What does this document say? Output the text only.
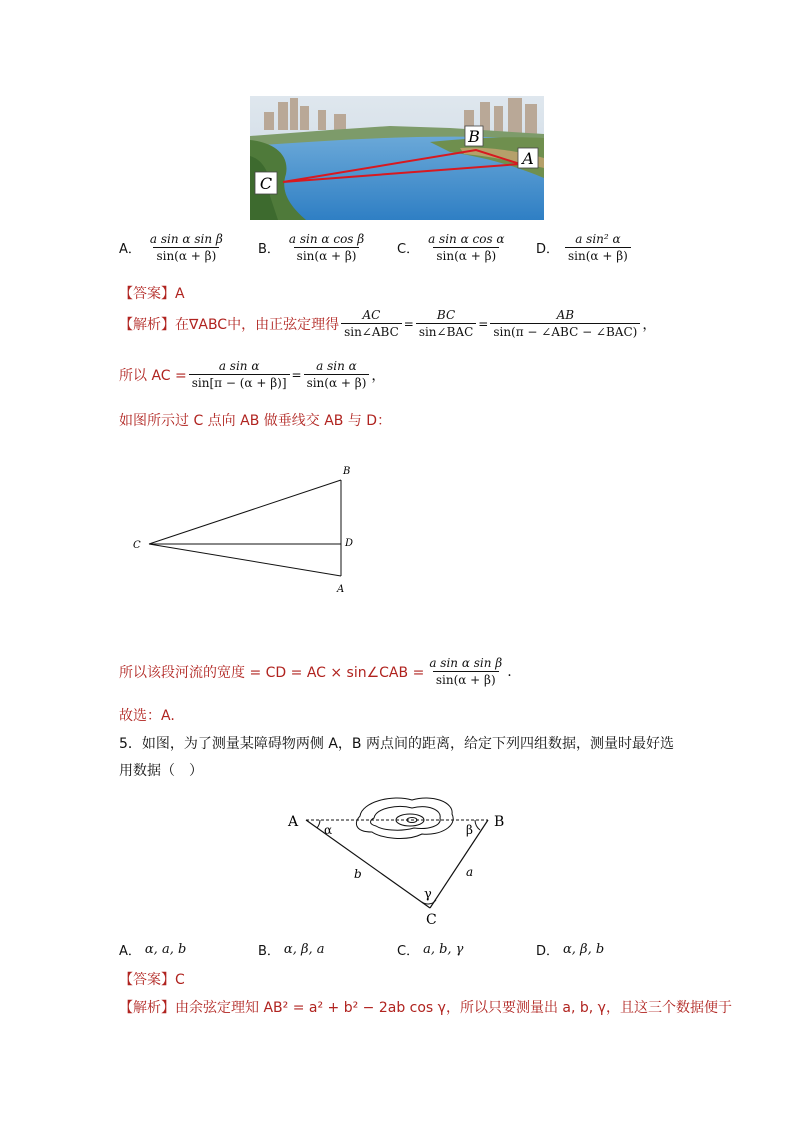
B
A
C
A． $\frac{\text{a sin α sin β}}{\sin(\alpha + \beta)}$ B． $\frac{\text{a sin α cos β}}{\sin(\alpha + \beta)}$ C． $\frac{\text{a sin α cos α}}{\sin(\alpha + \beta)}$ D． $\frac{\text{a sin² α}}{\sin(\alpha + \beta)}$
【答案】A
【解析】 在∇ABC中，由正弦定理得 $\frac{AC}{\text{sin∠ABC}} = \frac{BC}{\text{sin∠BAC}} = \frac{AB}{\text{sin(π − ∠ABC − ∠BAC)}}$ ，
所以 AC = $\frac{\text{a sin α}}{\sin[\pi - (\alpha + \beta)]} = \frac{\text{a sin α}}{\sin(\alpha + \beta)}$ ，
如图所示过 C 点向 AB 做垂线交 AB 与 D：
B
C	D
A
所以该段河流的宽度 = CD = AC × sin∠CAB = $\frac{\text{a sin α sin β}}{\sin(\alpha + \beta)}$ .
故选：A.
5．如图，为了测量某障碍物两侧 A，B 两点间的距离，给定下列四组数据，测量时最好选
用数据（　）
A	B
C
α	β
γ
b	a
A． α, a, b	B． α, β, a	C． a, b, γ	D． α, β, b
【答案】C
【解析】由余弦定理知 AB² = a² + b² − 2ab cos γ，所以只要测量出 a, b, γ，且这三个数据便于
